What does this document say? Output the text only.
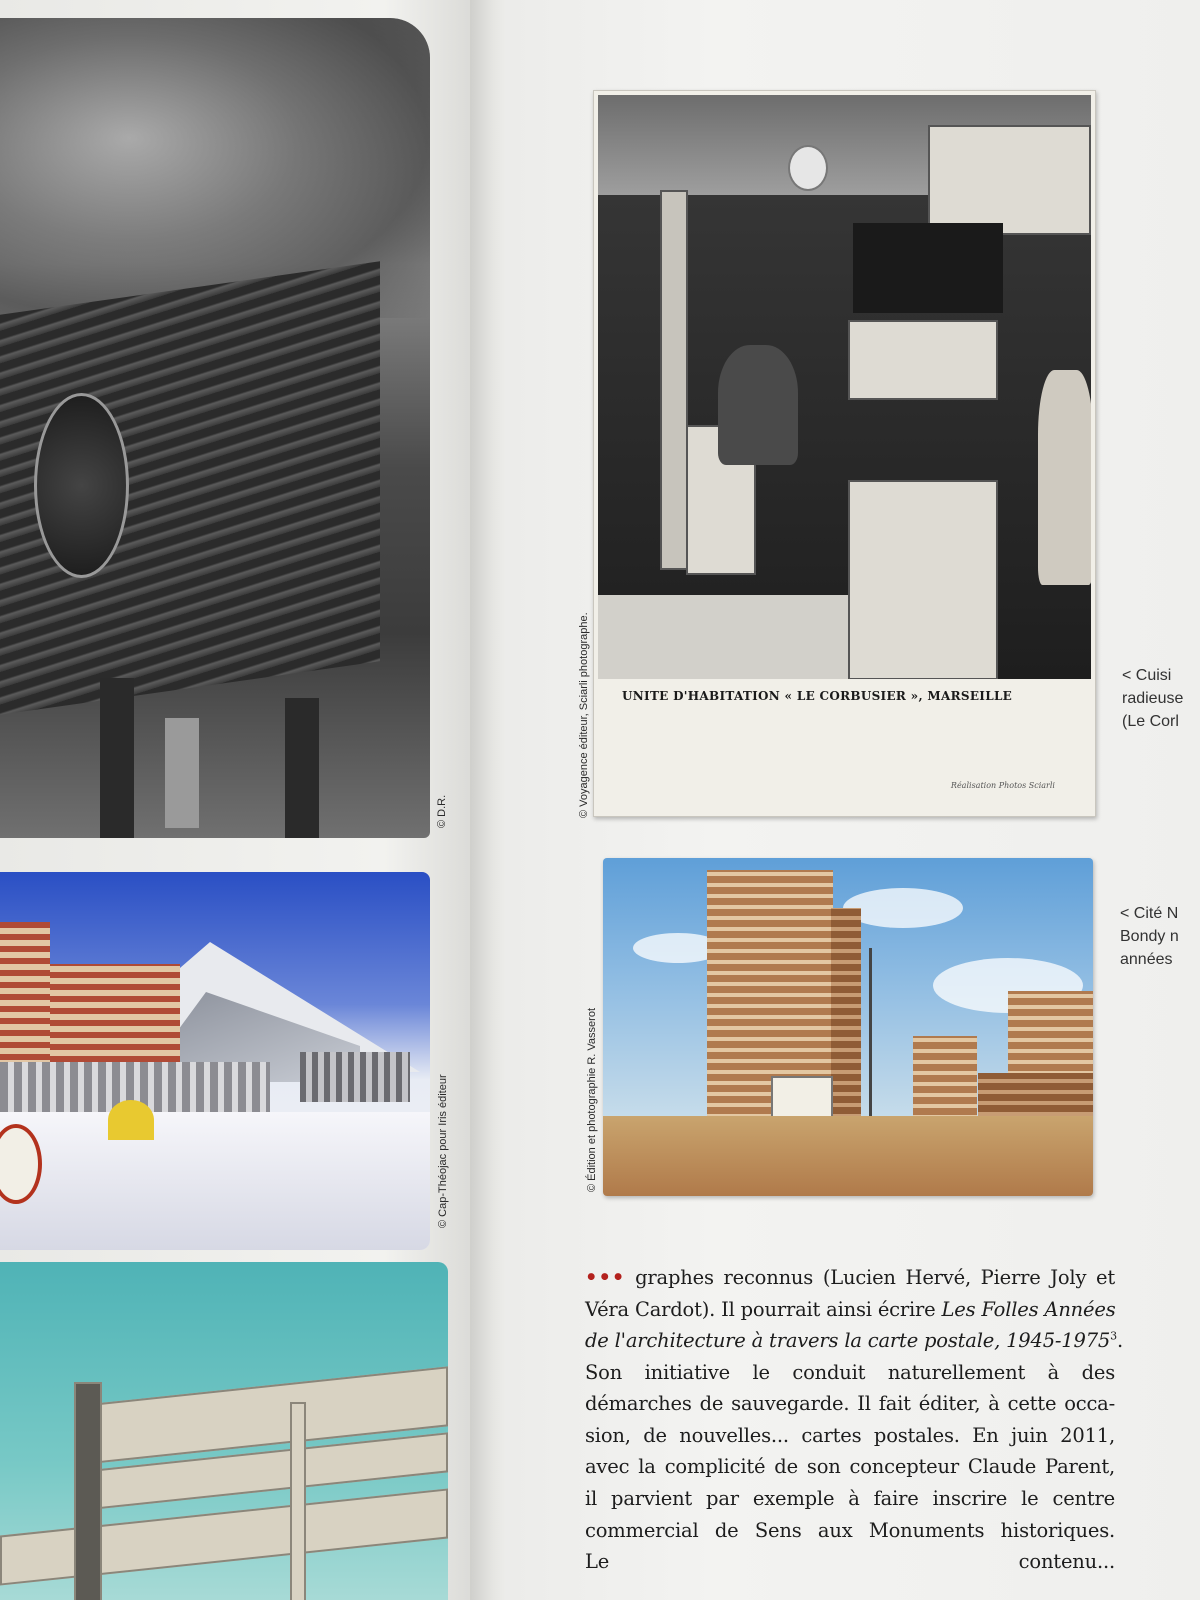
© D.R.
© Cap-Théojac pour Iris éditeur
UNITE D'HABITATION « LE CORBUSIER », MARSEILLE
Réalisation Photos Sciarli
© Voyagence éditeur, Sciarli photographe.	< Cuisi
radieuse
(Le Corl
© Édition et photographie R. Vasserot
< Cité N
Bondy n
années
••• graphes reconnus (Lucien Hervé, Pierre Joly et
Véra Cardot). Il pourrait ainsi écrire Les Folles Années
de l'architecture à travers la carte postale, 1945-1975$^3$.
Son initiative le conduit naturellement à des
démarches de sauvegarde. Il fait éditer, à cette occa-
sion, de nouvelles... cartes postales. En juin 2011,
avec la complicité de son concepteur Claude Parent,
il parvient par exemple à faire inscrire le centre
commercial de Sens aux Monuments historiques.
Le contenu...
